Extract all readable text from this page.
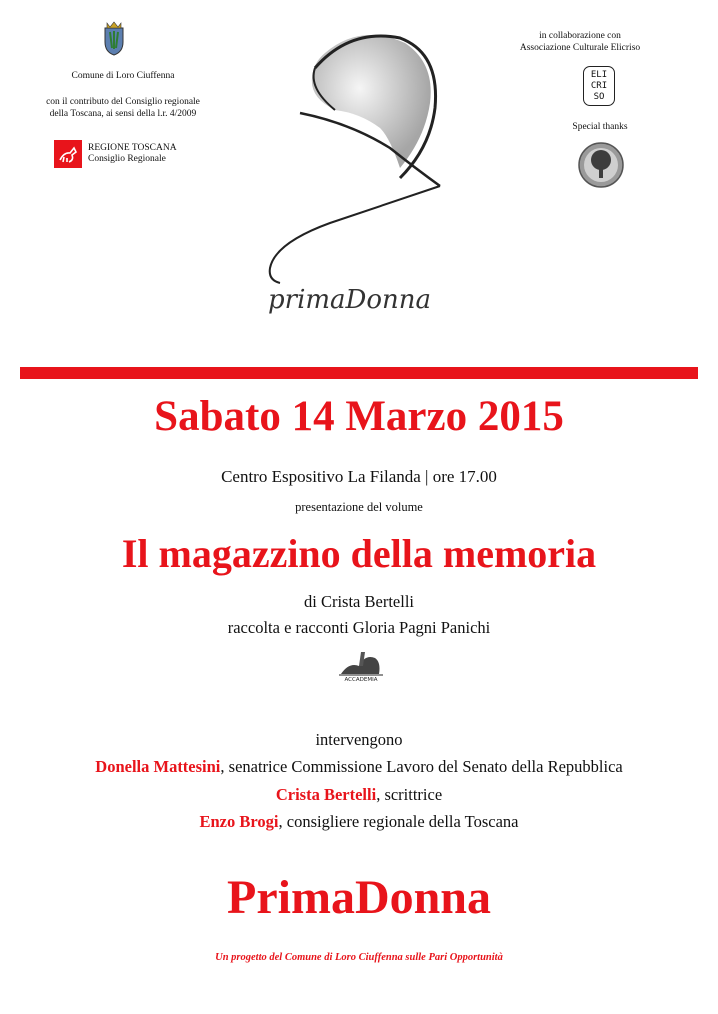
Comune di Loro Ciuffenna
con il contributo del Consiglio regionale
della Toscana, ai sensi della l.r. 4/2009
REGIONE TOSCANA
Consiglio Regionale
primaDonna
in collaborazione con
Associazione Culturale Elicriso
ELI
CRI
SO
Special thanks
Sabato 14 Marzo 2015
Centro Espositivo La Filanda | ore 17.00
presentazione del volume
Il magazzino della memoria
di Crista Bertelli
raccolta e racconti Gloria Pagni Panichi
ACCADEMIA
intervengono
Donella Mattesini, senatrice Commissione Lavoro del Senato della Repubblica
Crista Bertelli, scrittrice
Enzo Brogi, consigliere regionale della Toscana
PrimaDonna
Un progetto del Comune di Loro Ciuffenna sulle Pari Opportunità
